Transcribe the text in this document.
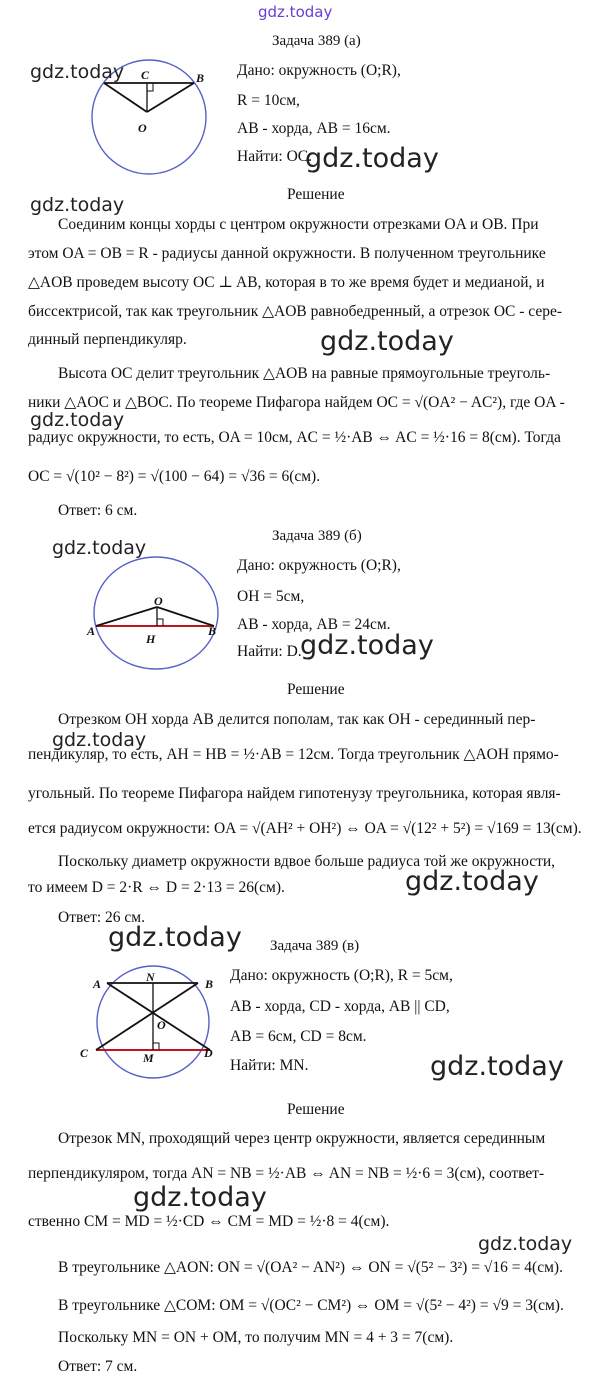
gdz.today
Задача 389 (а)
C	B
O
Дано: окружность (O;R),
R = 10см,
AB - хорда, AB = 16см.
Найти: OC.
Решение
Соединим концы хорды с центром окружности отрезками OA и OB. При
этом OA = OB = R - радиусы данной окружности. В полученном треугольнике
△AOB проведем высоту OC ⊥ AB, которая в то же время будет и медианой, и
биссектрисой, так как треугольник △AOB равнобедренный, а отрезок OC - сере-
динный перпендикуляр.
Высота OC делит треугольник △AOB на равные прямоугольные треуголь-
ники △AOC и △BOC. По теореме Пифагора найдем OC = √(OA² − AC²), где OA -
радиус окружности, то есть, OA = 10см, AC = ½·AB ⇔ AC = ½·16 = 8(см). Тогда
OC = √(10² − 8²) = √(100 − 64) = √36 = 6(см).
Ответ: 6 см.
Задача 389 (б)
O
A	B
H
Дано: окружность (O;R),
OH = 5см,
AB - хорда, AB = 24см.
Найти: D.
Решение
Отрезком OH хорда AB делится пополам, так как OH - серединный пер-
пендикуляр, то есть, AH = HB = ½·AB = 12см. Тогда треугольник △AOH прямо-
угольный. По теореме Пифагора найдем гипотенузу треугольника, которая явля-
ется радиусом окружности: OA = √(AH² + OH²) ⇔ OA = √(12² + 5²) = √169 = 13(см).
Поскольку диаметр окружности вдвое больше радиуса той же окружности,
то имеем D = 2·R ⇔ D = 2·13 = 26(см).
Ответ: 26 см.
Задача 389 (в)
N
A	B
O
C	M	D
Дано: окружность (O;R), R = 5см,
AB - хорда, CD - хорда, AB || CD,
AB = 6см, CD = 8см.
Найти: MN.
Решение
Отрезок MN, проходящий через центр окружности, является серединным
перпендикуляром, тогда AN = NB = ½·AB ⇔ AN = NB = ½·6 = 3(см), соответ-
ственно CM = MD = ½·CD ⇔ CM = MD = ½·8 = 4(см).
В треугольнике △AON: ON = √(OA² − AN²) ⇔ ON = √(5² − 3²) = √16 = 4(см).
В треугольнике △COM: OM = √(OC² − CM²) ⇔ OM = √(5² − 4²) = √9 = 3(см).
Поскольку MN = ON + OM, то получим MN = 4 + 3 = 7(см).
Ответ: 7 см.
gdz.today
gdz.today
gdz.today
gdz.today
gdz.today
gdz.today
gdz.today
gdz.today
gdz.today
gdz.today
gdz.today
gdz.today
gdz.today
